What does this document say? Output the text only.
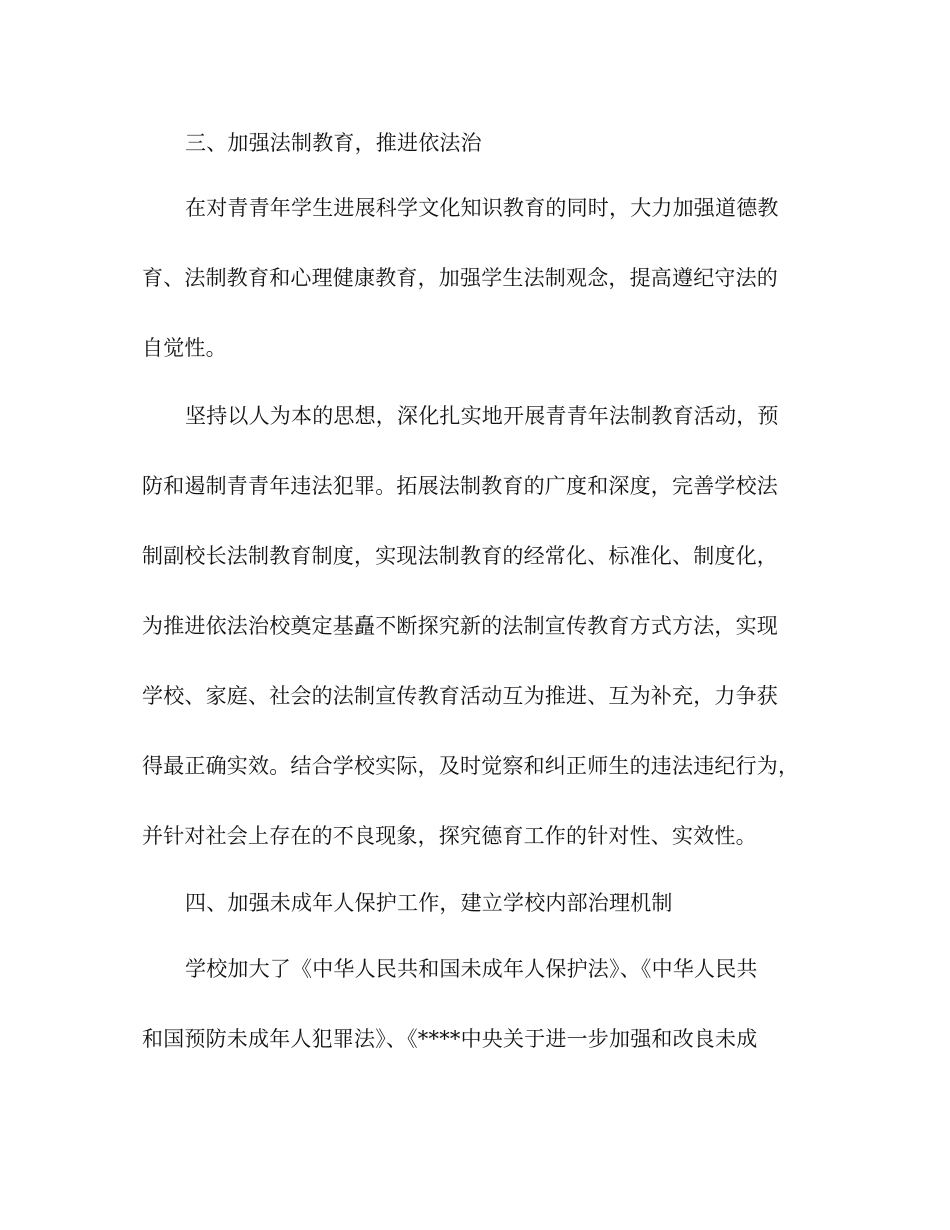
三、加强法制教育，推进依法治
在对青青年学生进展科学文化知识教育的同时，大力加强道德教
育、法制教育和心理健康教育，加强学生法制观念，提高遵纪守法的
自觉性。
坚持以人为本的思想，深化扎实地开展青青年法制教育活动，预
防和遏制青青年违法犯罪。拓展法制教育的广度和深度，完善学校法
制副校长法制教育制度，实现法制教育的经常化、标准化、制度化，
为推进依法治校奠定基矗不断探究新的法制宣传教育方式方法，实现
学校、家庭、社会的法制宣传教育活动互为推进、互为补充，力争获
得最正确实效。结合学校实际，及时觉察和纠正师生的违法违纪行为，
并针对社会上存在的不良现象，探究德育工作的针对性、实效性。
四、加强未成年人保护工作，建立学校内部治理机制
学校加大了《中华人民共和国未成年人保护法》、《中华人民共
和国预防未成年人犯罪法》、《****中央关于进一步加强和改良未成
